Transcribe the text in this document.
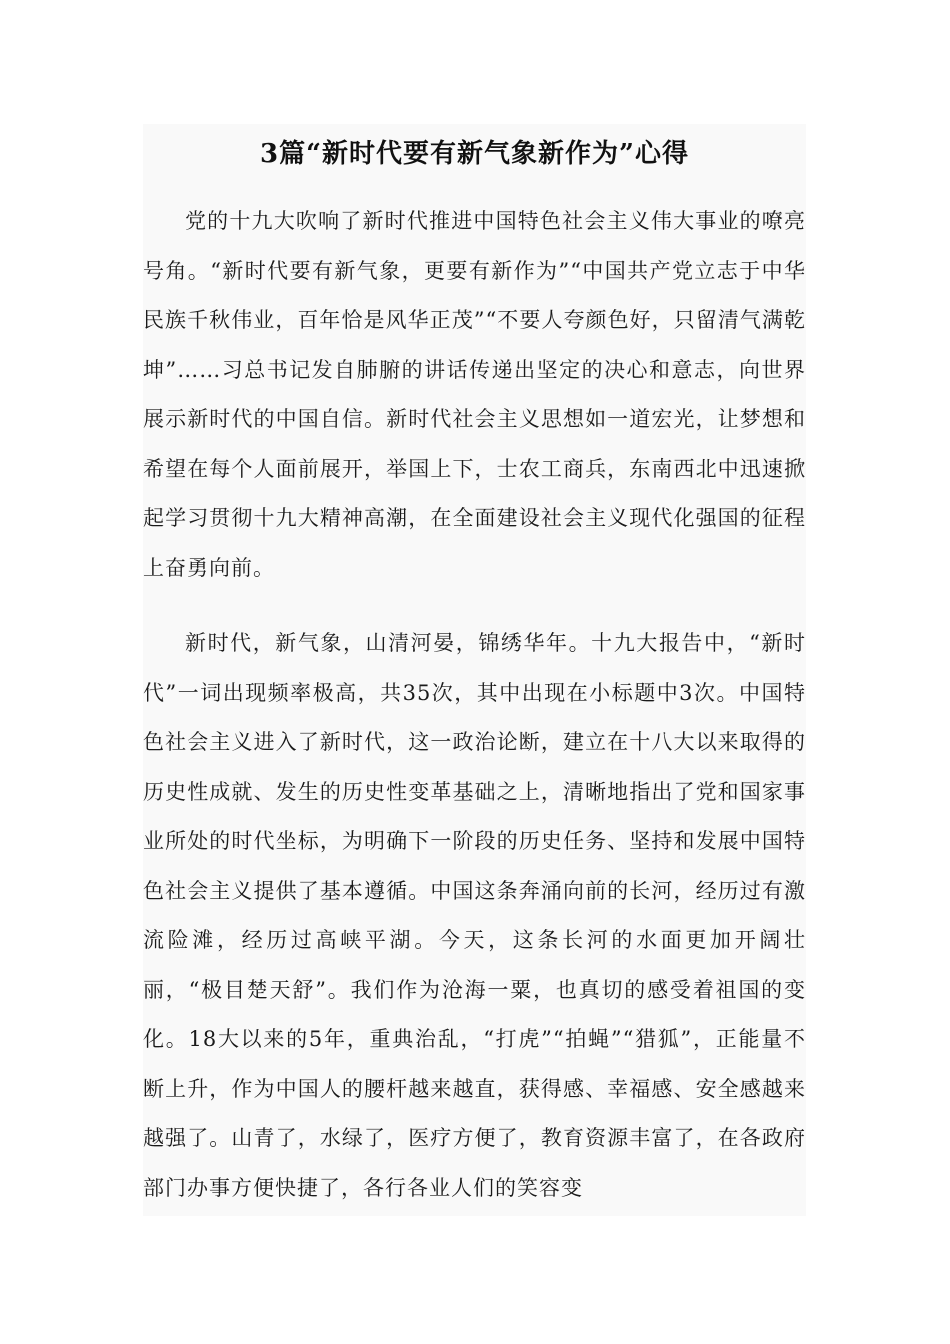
3篇“新时代要有新气象新作为”心得

党的十九大吹响了新时代推进中国特色社会主义伟大事业的嘹亮号角。“新时代要有新气象，更要有新作为”“中国共产党立志于中华民族千秋伟业，百年恰是风华正茂”“不要人夸颜色好，只留清气满乾坤”……习总书记发自肺腑的讲话传递出坚定的决心和意志，向世界展示新时代的中国自信。新时代社会主义思想如一道宏光，让梦想和希望在每个人面前展开，举国上下，士农工商兵，东南西北中迅速掀起学习贯彻十九大精神高潮，在全面建设社会主义现代化强国的征程上奋勇向前。

新时代，新气象，山清河晏，锦绣华年。十九大报告中，“新时代”一词出现频率极高，共35次，其中出现在小标题中3次。中国特色社会主义进入了新时代，这一政治论断，建立在十八大以来取得的历史性成就、发生的历史性变革基础之上，清晰地指出了党和国家事业所处的时代坐标，为明确下一阶段的历史任务、坚持和发展中国特色社会主义提供了基本遵循。中国这条奔涌向前的长河，经历过有激流险滩，经历过高峡平湖。今天，这条长河的水面更加开阔壮丽，“极目楚天舒”。我们作为沧海一粟，也真切的感受着祖国的变化。18大以来的5年，重典治乱，“打虎”“拍蝇”“猎狐”，正能量不断上升，作为中国人的腰杆越来越直，获得感、幸福感、安全感越来越强了。山青了，水绿了，医疗方便了，教育资源丰富了，在各政府部门办事方便快捷了，各行各业人们的笑容变
